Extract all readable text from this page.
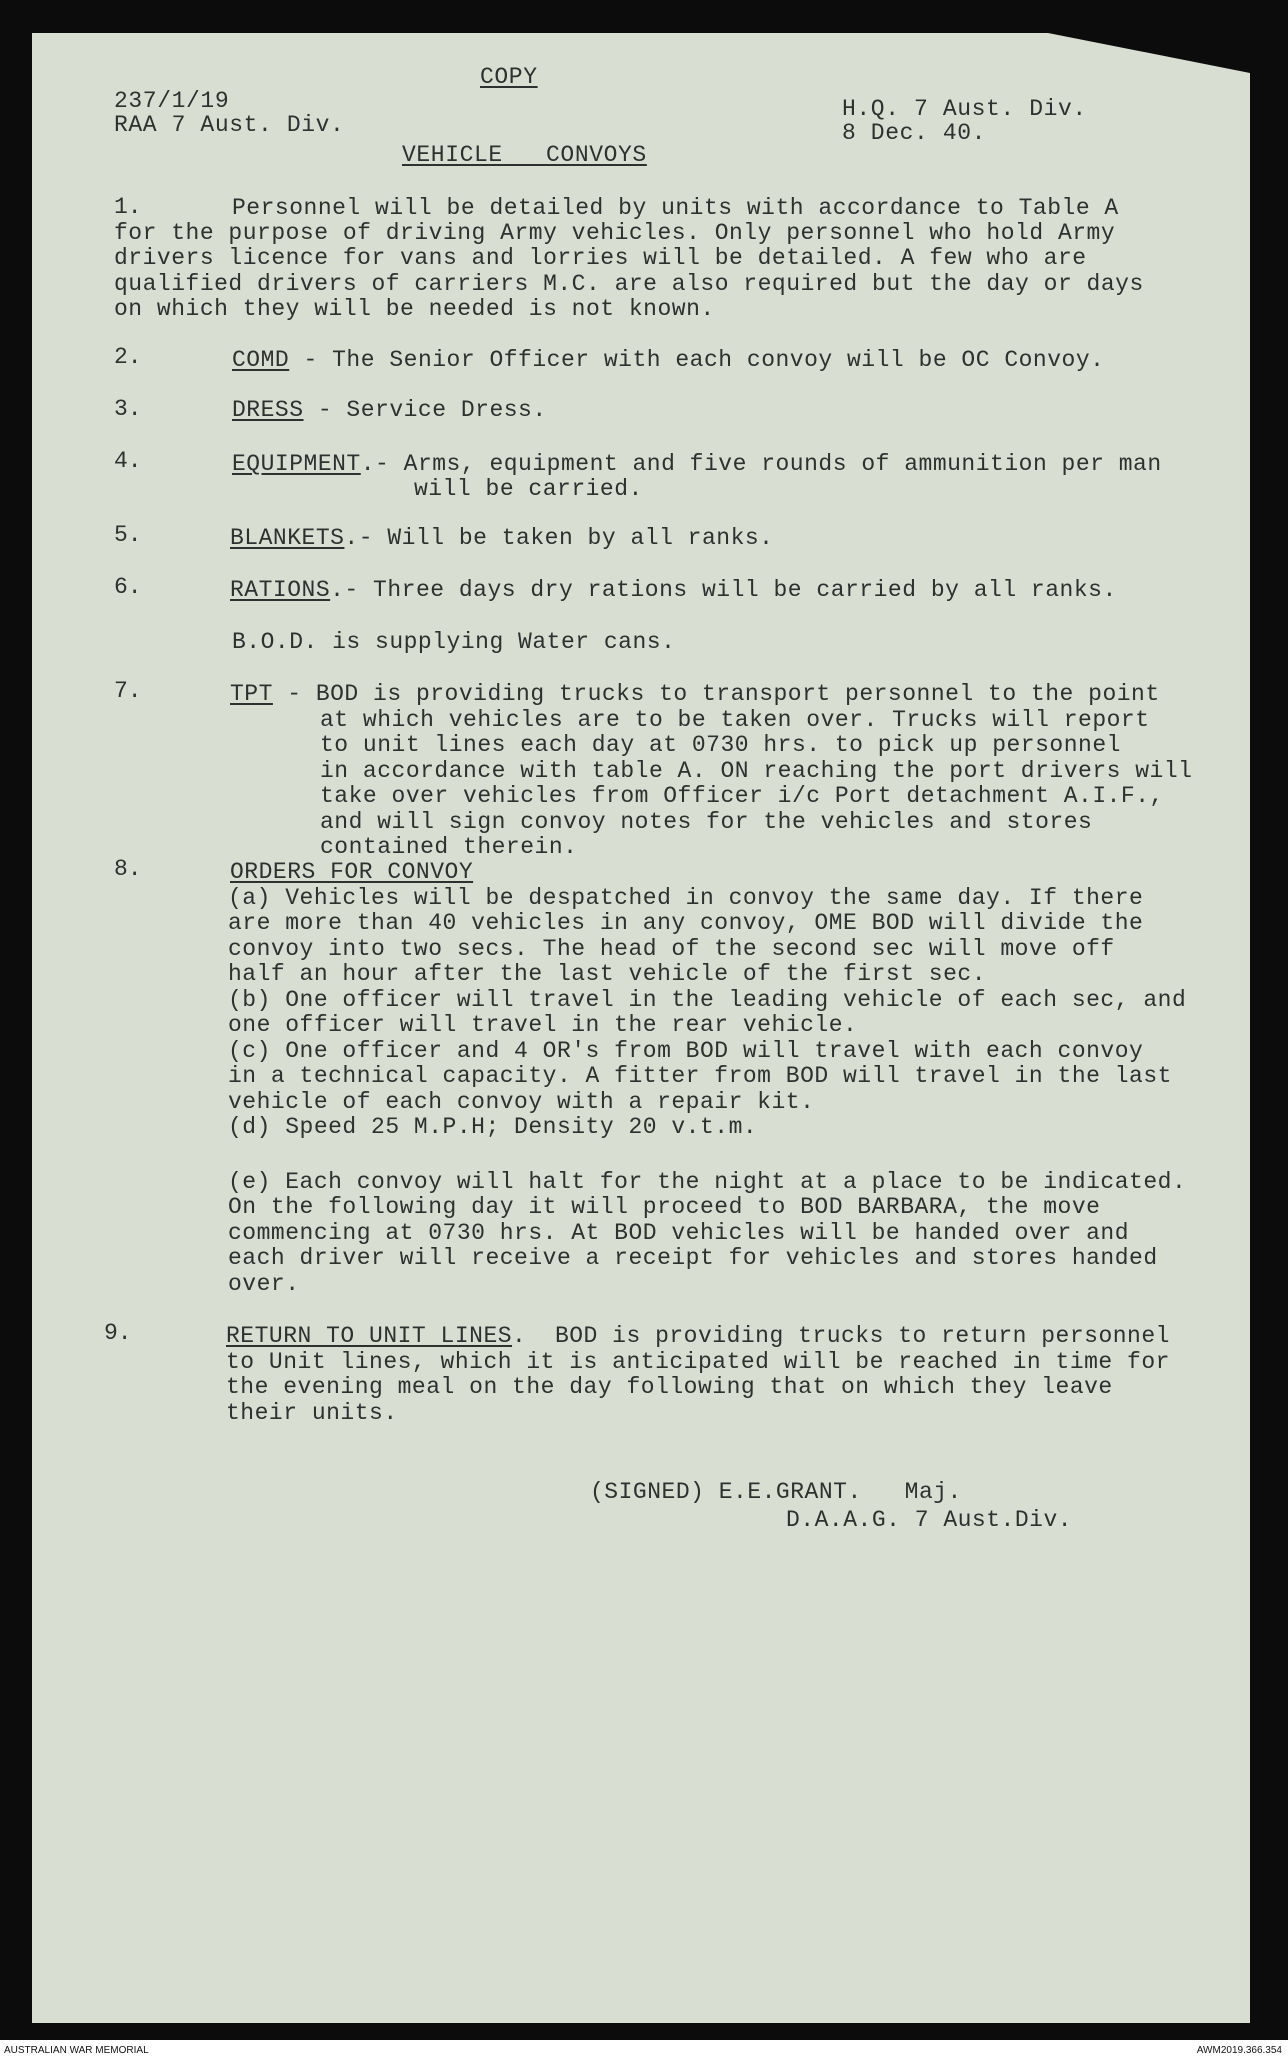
COPY
237/1/19
RAA 7 Aust. Div.
H.Q. 7 Aust. Div.
8 Dec. 40.
VEHICLE   CONVOYS
1.	Personnel will be detailed by units with accordance to Table A
for the purpose of driving Army vehicles. Only personnel who hold Army
drivers licence for vans and lorries will be detailed. A few who are
qualified drivers of carriers M.C. are also required but the day or days
on which they will be needed is not known.
2.	COMD - The Senior Officer with each convoy will be OC Convoy.
3.	DRESS - Service Dress.
4.	EQUIPMENT.- Arms, equipment and five rounds of ammunition per man
will be carried.
5.	BLANKETS.- Will be taken by all ranks.
6.	RATIONS.- Three days dry rations will be carried by all ranks.
B.O.D. is supplying Water cans.
7.	TPT - BOD is providing trucks to transport personnel to the point
at which vehicles are to be taken over. Trucks will report
to unit lines each day at 0730 hrs. to pick up personnel
in accordance with table A. ON reaching the port drivers will
take over vehicles from Officer i/c Port detachment A.I.F.,
and will sign convoy notes for the vehicles and stores
contained therein.
8.	ORDERS FOR CONVOY
(a) Vehicles will be despatched in convoy the same day. If there
are more than 40 vehicles in any convoy, OME BOD will divide the
convoy into two secs. The head of the second sec will move off
half an hour after the last vehicle of the first sec.
(b) One officer will travel in the leading vehicle of each sec, and
one officer will travel in the rear vehicle.
(c) One officer and 4 OR's from BOD will travel with each convoy
in a technical capacity. A fitter from BOD will travel in the last
vehicle of each convoy with a repair kit.
(d) Speed 25 M.P.H; Density 20 v.t.m.
(e) Each convoy will halt for the night at a place to be indicated.
On the following day it will proceed to BOD BARBARA, the move
commencing at 0730 hrs. At BOD vehicles will be handed over and
each driver will receive a receipt for vehicles and stores handed
over.
9.	RETURN TO UNIT LINES.  BOD is providing trucks to return personnel
to Unit lines, which it is anticipated will be reached in time for
the evening meal on the day following that on which they leave
their units.
(SIGNED) E.E.GRANT.   Maj.
D.A.A.G. 7 Aust.Div.
AUSTRALIAN WAR MEMORIAL	AWM2019.366.354
